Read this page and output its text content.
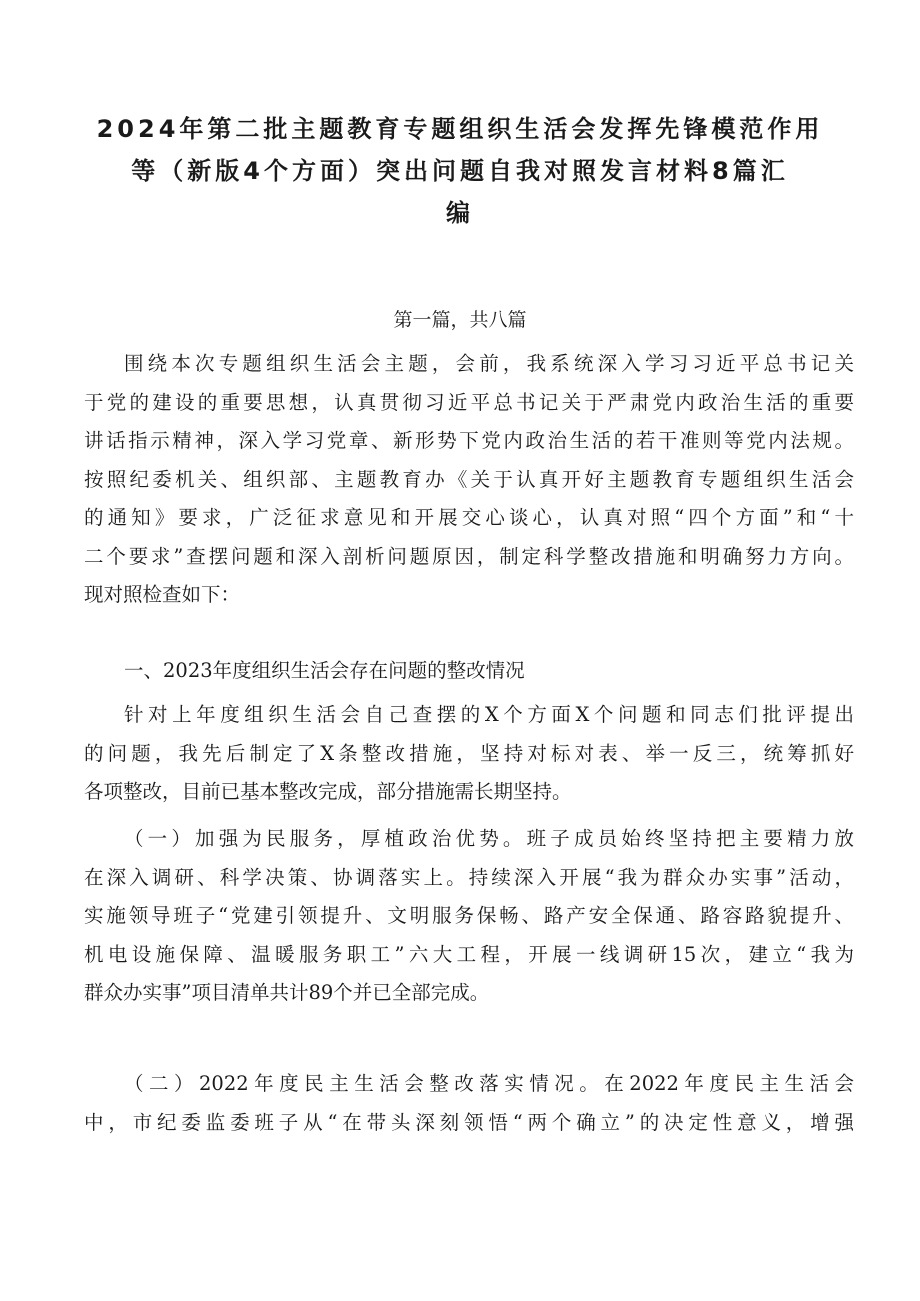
2024年第二批主题教育专题组织生活会发挥先锋模范作用
等（新版4个方面）突出问题自我对照发言材料8篇汇
编
第一篇，共八篇

围绕本次专题组织生活会主题，会前，我系统深入学习习近平总书记关
于党的建设的重要思想，认真贯彻习近平总书记关于严肃党内政治生活的重要
讲话指示精神，深入学习党章、新形势下党内政治生活的若干准则等党内法规。
按照纪委机关、组织部、主题教育办《关于认真开好主题教育专题组织生活会
的通知》要求，广泛征求意见和开展交心谈心，认真对照“四个方面”和“十
二个要求”查摆问题和深入剖析问题原因，制定科学整改措施和明确努力方向。
现对照检查如下：

一、2023年度组织生活会存在问题的整改情况

针对上年度组织生活会自己查摆的X个方面X个问题和同志们批评提出
的问题，我先后制定了X条整改措施，坚持对标对表、举一反三，统筹抓好
各项整改，目前已基本整改完成，部分措施需长期坚持。

（一）加强为民服务，厚植政治优势。班子成员始终坚持把主要精力放
在深入调研、科学决策、协调落实上。持续深入开展“我为群众办实事”活动，
实施领导班子“党建引领提升、文明服务保畅、路产安全保通、路容路貌提升、
机电设施保障、温暖服务职工”六大工程，开展一线调研15次，建立“我为
群众办实事”项目清单共计89个并已全部完成。

（二）2022年度民主生活会整改落实情况。在2022年度民主生活会
中，市纪委监委班子从“在带头深刻领悟“两个确立”的决定性意义，增强
